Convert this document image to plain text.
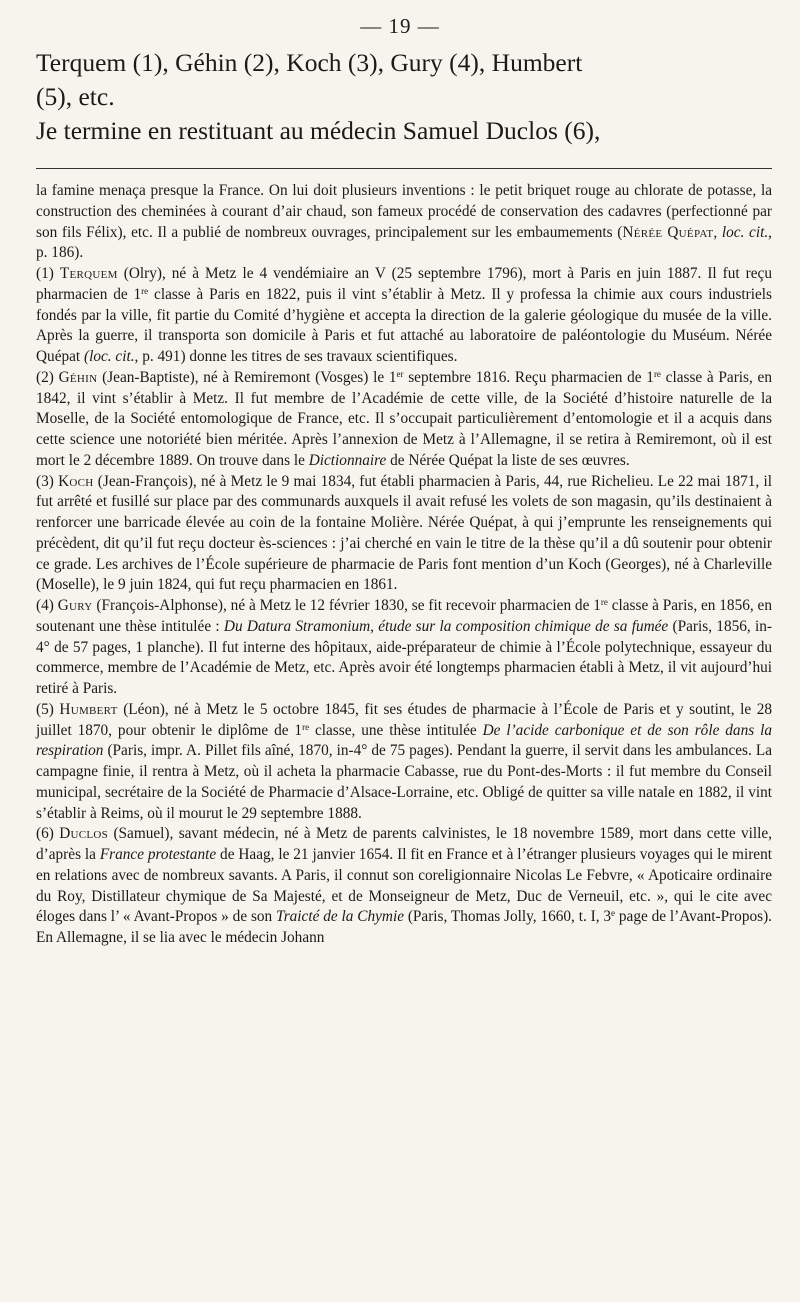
— 19 —
Terquem (1), Géhin (2), Koch (3), Gury (4), Humbert
(5), etc.
Je termine en restituant au médecin Samuel Duclos (6),

la famine menaça presque la France. On lui doit plusieurs inventions : le petit briquet rouge au chlorate de potasse, la construction des cheminées à courant d’air chaud, son fameux procédé de conservation des cadavres (perfectionné par son fils Félix), etc. Il a publié de nombreux ouvrages, principalement sur les embaumements (Nérée Quépat, loc. cit., p. 186).

(1) Terquem (Olry), né à Metz le 4 vendémiaire an V (25 septembre 1796), mort à Paris en juin 1887. Il fut reçu pharmacien de 1re classe à Paris en 1822, puis il vint s’établir à Metz. Il y professa la chimie aux cours industriels fondés par la ville, fit partie du Comité d’hygiène et accepta la direction de la galerie géologique du musée de la ville. Après la guerre, il transporta son domicile à Paris et fut attaché au laboratoire de paléontologie du Muséum. Nérée Quépat (loc. cit., p. 491) donne les titres de ses travaux scientifiques.

(2) Géhin (Jean-Baptiste), né à Remiremont (Vosges) le 1er septembre 1816. Reçu pharmacien de 1re classe à Paris, en 1842, il vint s’établir à Metz. Il fut membre de l’Académie de cette ville, de la Société d’histoire naturelle de la Moselle, de la Société entomologique de France, etc. Il s’occupait particulièrement d’entomologie et il a acquis dans cette science une notoriété bien méritée. Après l’annexion de Metz à l’Allemagne, il se retira à Remiremont, où il est mort le 2 décembre 1889. On trouve dans le Dictionnaire de Nérée Quépat la liste de ses œuvres.

(3) Koch (Jean-François), né à Metz le 9 mai 1834, fut établi pharmacien à Paris, 44, rue Richelieu. Le 22 mai 1871, il fut arrêté et fusillé sur place par des communards auxquels il avait refusé les volets de son magasin, qu’ils destinaient à renforcer une barricade élevée au coin de la fontaine Molière. Nérée Quépat, à qui j’emprunte les renseignements qui précèdent, dit qu’il fut reçu docteur ès-sciences : j’ai cherché en vain le titre de la thèse qu’il a dû soutenir pour obtenir ce grade. Les archives de l’École supérieure de pharmacie de Paris font mention d’un Koch (Georges), né à Charleville (Moselle), le 9 juin 1824, qui fut reçu pharmacien en 1861.

(4) Gury (François-Alphonse), né à Metz le 12 février 1830, se fit recevoir pharmacien de 1re classe à Paris, en 1856, en soutenant une thèse intitulée : Du Datura Stramonium, étude sur la composition chimique de sa fumée (Paris, 1856, in-4° de 57 pages, 1 planche). Il fut interne des hôpitaux, aide-préparateur de chimie à l’École polytechnique, essayeur du commerce, membre de l’Académie de Metz, etc. Après avoir été longtemps pharmacien établi à Metz, il vit aujourd’hui retiré à Paris.

(5) Humbert (Léon), né à Metz le 5 octobre 1845, fit ses études de pharmacie à l’École de Paris et y soutint, le 28 juillet 1870, pour obtenir le diplôme de 1re classe, une thèse intitulée De l’acide carbonique et de son rôle dans la respiration (Paris, impr. A. Pillet fils aîné, 1870, in-4° de 75 pages). Pendant la guerre, il servit dans les ambulances. La campagne finie, il rentra à Metz, où il acheta la pharmacie Cabasse, rue du Pont-des-Morts : il fut membre du Conseil municipal, secrétaire de la Société de Pharmacie d’Alsace-Lorraine, etc. Obligé de quitter sa ville natale en 1882, il vint s’établir à Reims, où il mourut le 29 septembre 1888.

(6) Duclos (Samuel), savant médecin, né à Metz de parents calvinistes, le 18 novembre 1589, mort dans cette ville, d’après la France protestante de Haag, le 21 janvier 1654. Il fit en France et à l’étranger plusieurs voyages qui le mirent en relations avec de nombreux savants. A Paris, il connut son coreligionnaire Nicolas Le Febvre, « Apoticaire ordinaire du Roy, Distillateur chymique de Sa Majesté, et de Monseigneur de Metz, Duc de Verneuil, etc. », qui le cite avec éloges dans l’ « Avant-Propos » de son Traicté de la Chymie (Paris, Thomas Jolly, 1660, t. I, 3e page de l’Avant-Propos). En Allemagne, il se lia avec le médecin Johann
